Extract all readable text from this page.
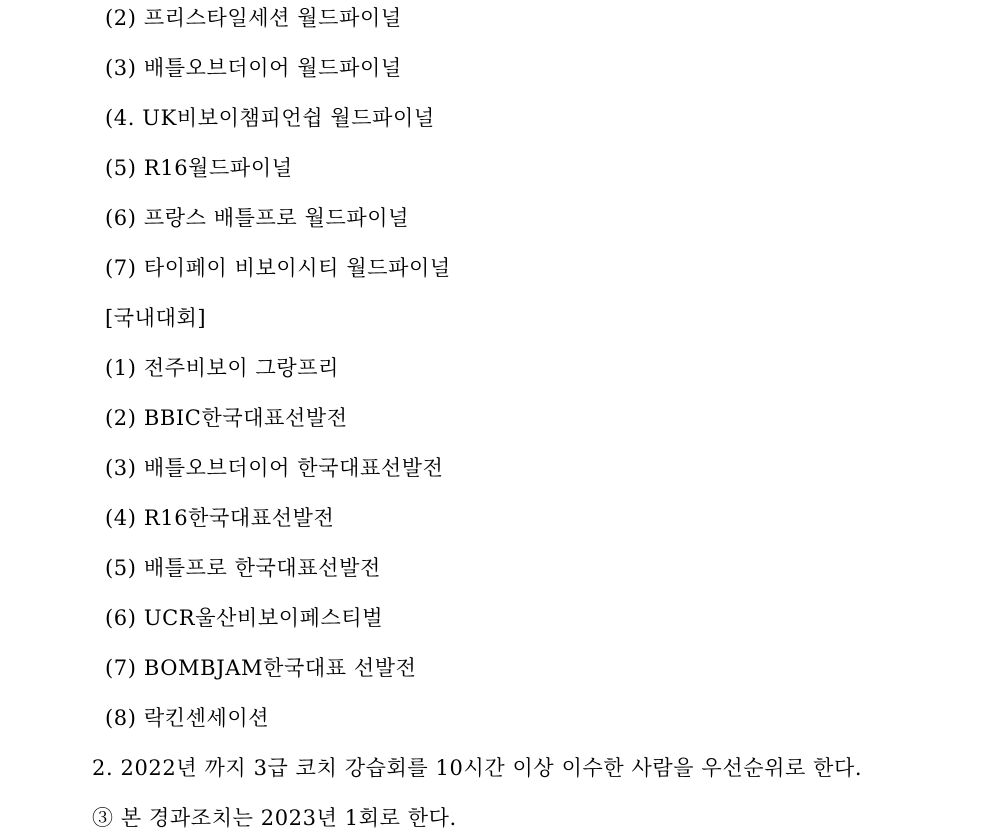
(2) 프리스타일세션 월드파이널
(3) 배틀오브더이어 월드파이널
(4. UK비보이챔피언쉽 월드파이널
(5) R16월드파이널
(6) 프랑스 배틀프로 월드파이널
(7) 타이페이 비보이시티 월드파이널
[국내대회]
(1) 전주비보이 그랑프리
(2) BBIC한국대표선발전
(3) 배틀오브더이어 한국대표선발전
(4) R16한국대표선발전
(5) 배틀프로 한국대표선발전
(6) UCR울산비보이페스티벌
(7) BOMBJAM한국대표 선발전
(8) 락킨센세이션
2. 2022년 까지 3급 코치 강습회를 10시간 이상 이수한 사람을 우선순위로 한다.
③ 본 경과조치는 2023년 1회로 한다.
